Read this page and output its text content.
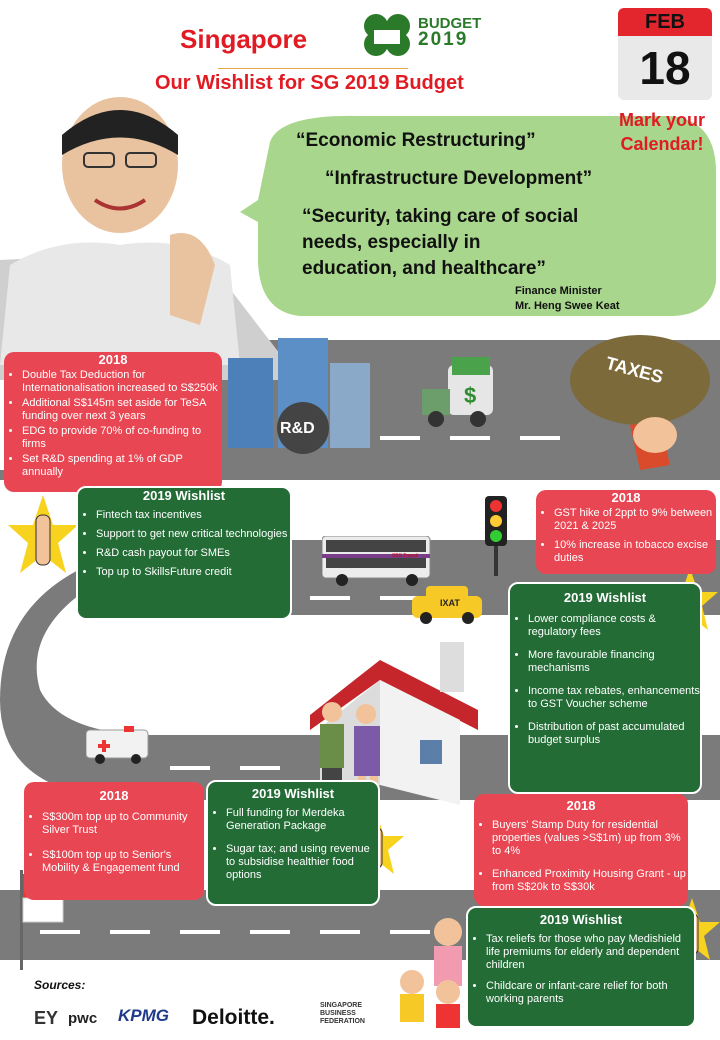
“Economic Restructuring”
“Infrastructure Development”
“Security, taking care of social
needs, especially in
education, and healthcare”
Finance Minister
Mr. Heng Swee Keat
Singapore
BUDGET
2019
Our Wishlist for SG 2019 Budget
FEB
18
Mark your Calendar!
R&D
$
TAXES
SBS Transit
IXAT
2018
• Double Tax Deduction for Internationalisation increased to S$250k
• Additional S$145m set aside for TeSA funding over next 3 years
• EDG to provide 70% of co-funding to firms
• Set R&D spending at 1% of GDP annually
2019 Wishlist
• Fintech tax incentives
• Support to get new critical technologies
• R&D cash payout for SMEs
• Top up to SkillsFuture credit
2018
• GST hike of 2ppt to 9% between 2021 & 2025
• 10% increase in tobacco excise duties
2019 Wishlist
• Lower compliance costs & regulatory fees
• More favourable financing mechanisms
• Income tax rebates, enhancements to GST Voucher scheme
• Distribution of past accumulated budget surplus
2018
• S$300m top up to Community Silver Trust
• S$100m top up to Senior's Mobility & Engagement fund
2019 Wishlist
• Full funding for Merdeka Generation Package
• Sugar tax; and using revenue to subsidise healthier food options
2018
• Buyers' Stamp Duty for residential properties (values >S$1m) up from 3% to 4%
• Enhanced Proximity Housing Grant - up from S$20k to S$30k
2019 Wishlist
• Tax reliefs for those who pay Medishield life premiums for elderly and dependent children
• Childcare or infant-care relief for both working parents
Sources:
EY pwc KPMG Deloitte.
SINGAPORE BUSINESS FEDERATION
